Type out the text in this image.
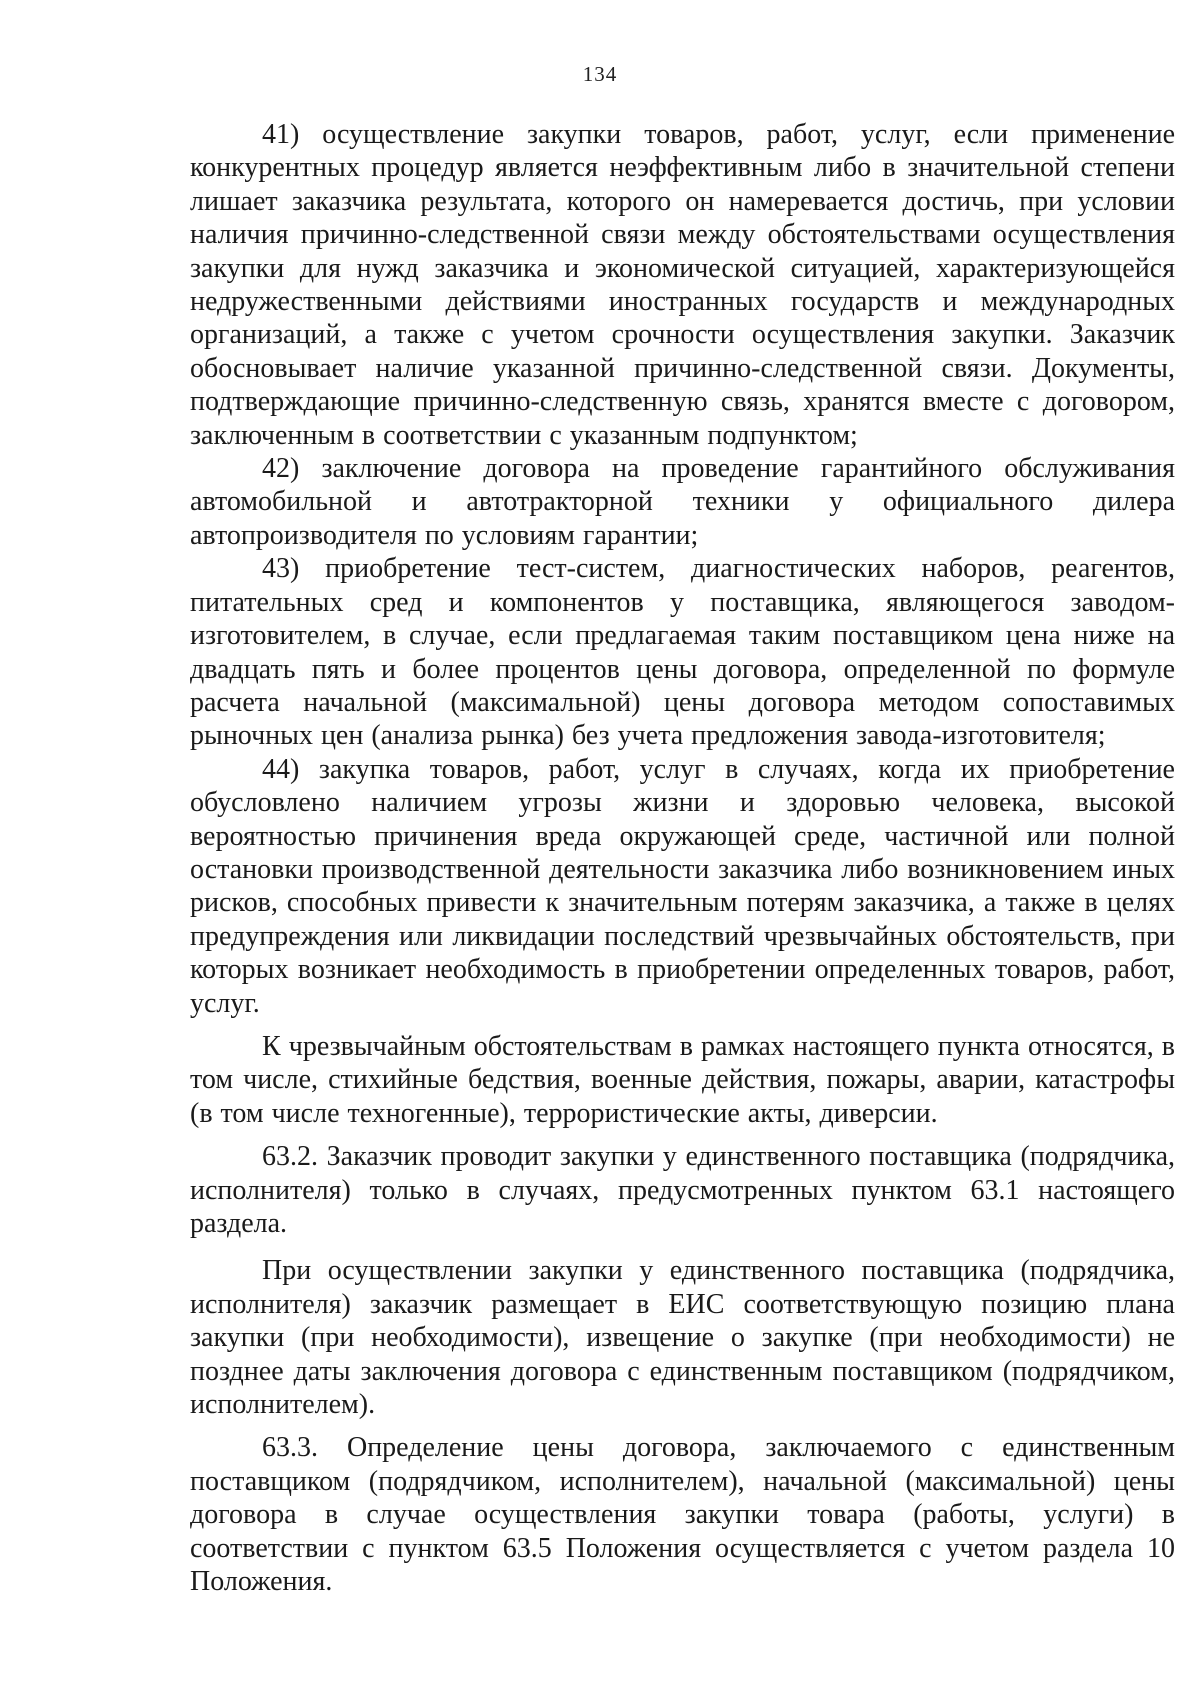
134

41) осуществление закупки товаров, работ, услуг, если применение конкурентных процедур является неэффективным либо в значительной степени лишает заказчика результата, которого он намеревается достичь, при условии наличия причинно-следственной связи между обстоятельствами осуществления закупки для нужд заказчика и экономической ситуацией, характеризующейся недружественными действиями иностранных государств и международных организаций, а также с учетом срочности осуществления закупки. Заказчик обосновывает наличие указанной причинно-следственной связи. Документы, подтверждающие причинно-следственную связь, хранятся вместе с договором, заключенным в соответствии с указанным подпунктом;

42) заключение договора на проведение гарантийного обслуживания автомобильной и автотракторной техники у официального дилера автопроизводителя по условиям гарантии;

43) приобретение тест-систем, диагностических наборов, реагентов, питательных сред и компонентов у поставщика, являющегося заводом-изготовителем, в случае, если предлагаемая таким поставщиком цена ниже на двадцать пять и более процентов цены договора, определенной по формуле расчета начальной (максимальной) цены договора методом сопоставимых рыночных цен (анализа рынка) без учета предложения завода-изготовителя;

44) закупка товаров, работ, услуг в случаях, когда их приобретение обусловлено наличием угрозы жизни и здоровью человека, высокой вероятностью причинения вреда окружающей среде, частичной или полной остановки производственной деятельности заказчика либо возникновением иных рисков, способных привести к значительным потерям заказчика, а также в целях предупреждения или ликвидации последствий чрезвычайных обстоятельств, при которых возникает необходимость в приобретении определенных товаров, работ, услуг.

К чрезвычайным обстоятельствам в рамках настоящего пункта относятся, в том числе, стихийные бедствия, военные действия, пожары, аварии, катастрофы (в том числе техногенные), террористические акты, диверсии.

63.2. Заказчик проводит закупки у единственного поставщика (подрядчика, исполнителя) только в случаях, предусмотренных пунктом 63.1 настоящего раздела.

При осуществлении закупки у единственного поставщика (подрядчика, исполнителя) заказчик размещает в ЕИС соответствующую позицию плана закупки (при необходимости), извещение о закупке (при необходимости) не позднее даты заключения договора с единственным поставщиком (подрядчиком, исполнителем).

63.3. Определение цены договора, заключаемого с единственным поставщиком (подрядчиком, исполнителем), начальной (максимальной) цены договора в случае осуществления закупки товара (работы, услуги) в соответствии с пунктом 63.5 Положения осуществляется с учетом раздела 10 Положения.
